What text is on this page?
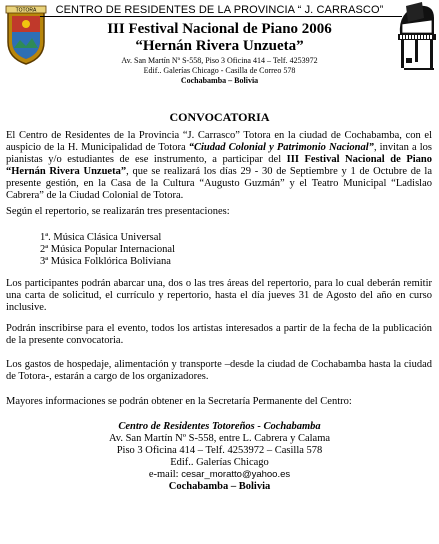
TOTORA	CENTRO DE RESIDENTES DE LA PROVINCIA “ J. CARRASCO”
III Festival Nacional de Piano 2006
“Hernán Rivera Unzueta”
Av. San Martín Nº S-558, Piso 3 Oficina 414 – Telf. 4253972
Edif.. Galerías Chicago - Casilla de Correo 578
Cochabamba – Bolivia
CONVOCATORIA
El Centro de Residentes de la Provincia “J. Carrasco” Totora en la ciudad de Cochabamba, con el auspicio de la H. Municipalidad de Totora “Ciudad Colonial y Patrimonio Nacional”, invitan a los pianistas y/o estudiantes de ese instrumento, a participar del III Festival Nacional de Piano “Hernán Rivera Unzueta”, que se realizará los días 29 - 30 de Septiembre y 1 de Octubre de la presente gestión, en la Casa de la Cultura “Augusto Guzmán” y el Teatro Municipal “Ladislao Cabrera” de la Ciudad Colonial de Totora.
Según el repertorio, se realizarán tres presentaciones:
1ª. Música Clásica Universal
2ª Música Popular Internacional
3ª Música Folklórica Boliviana
Los participantes podrán abarcar una, dos o las tres áreas del repertorio, para lo cual deberán remitir una carta de solicitud, el currículo y repertorio, hasta el día jueves 31 de Agosto del año en curso inclusive.
Podrán inscribirse para el evento, todos los artistas interesados a partir de la fecha de la publicación de la presente convocatoria.
Los gastos de hospedaje, alimentación y transporte –desde la ciudad de Cochabamba hasta la ciudad de Totora-, estarán a cargo de los organizadores.
Mayores informaciones se podrán obtener en la Secretaría Permanente del Centro:
Centro de Residentes Totoreños - Cochabamba
Av. San Martín Nº S-558, entre L. Cabrera y Calama
Piso 3 Oficina 414 – Telf. 4253972 – Casilla 578
Edif.. Galerías Chicago
e-mail: cesar_moratto@yahoo.es
Cochabamba – Bolivia
